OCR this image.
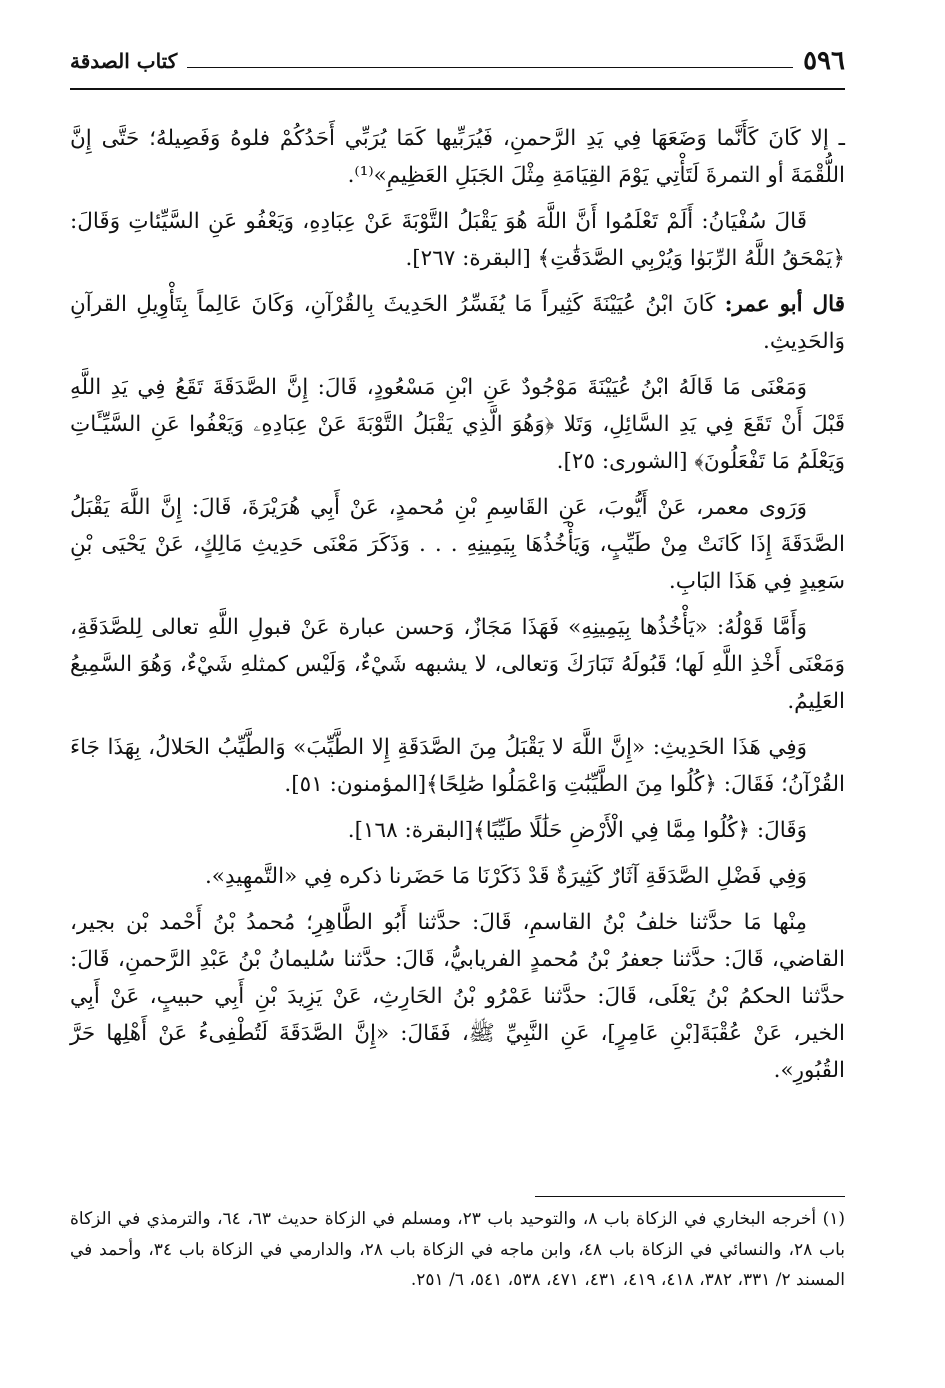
كتاب الصدقة	٥٩٦

ـ إلا كَانَ كَأَنَّما وَضَعَهَا فِي يَدِ الرَّحمنِ، فَيُرَبِّيها كَمَا يُرَبِّي أَحَدُكُمْ فلوهُ وَفَصِيلهُ؛ حَتَّى إِنَّ اللُّقْمَةَ أو التمرةَ لَتَأْتِي يَوْمَ القِيَامَةِ مِثْلَ الجَبَلِ العَظِيمِ»⁽¹⁾.

قَالَ سُفْيَانُ: أَلَمْ تَعْلَمُوا أَنَّ اللَّهَ هُوَ يَقْبَلُ التَّوْبَةَ عَنْ عِبَادِهِ، وَيَعْفُو عَنِ السَّيِّئاتِ وَقَالَ: ﴿يَمْحَقُ اللَّهُ الرِّبَوٰا وَيُرْبِي الصَّدَقَٰتِ﴾ [البقرة: ٢٦٧].

قال أبو عمر: كَانَ ابْنُ عُيَيْنَةَ كَثِيراً مَا يُفَسِّرُ الحَدِيثَ بِالقُرْآنِ، وَكَانَ عَالِماً بِتَأْوِيلِ القرآنِ وَالحَدِيثِ.

وَمَعْنَى مَا قَالَهُ ابْنُ عُيَيْنَةَ مَوْجُودٌ عَنِ ابْنِ مَسْعُودٍ، قَالَ: إِنَّ الصَّدَقَةَ تَقَعُ فِي يَدِ اللَّهِ قَبْلَ أَنْ تَقَعَ فِي يَدِ السَّائِلِ، وَتَلا ﴿وَهُوَ الَّذِي يَقْبَلُ التَّوْبَةَ عَنْ عِبَادِهِۦ وَيَعْفُوا عَنِ السَّيِّـَٔاتِ وَيَعْلَمُ مَا تَفْعَلُونَ﴾ [الشورى: ٢٥].

وَرَوى معمر، عَنْ أَيُّوبَ، عَنِ القَاسِمِ بْنِ مُحمدٍ، عَنْ أَبِي هُرَيْرَةَ، قَالَ: إِنَّ اللَّهَ يَقْبَلُ الصَّدَقَةَ إِذَا كَانَتْ مِنْ طَيِّبٍ، وَيَأْخُذُهَا بِيَمِينِهِ . . . وَذَكَرَ مَعْنَى حَدِيثِ مَالِكٍ، عَنْ يَحْيَى بْنِ سَعِيدٍ فِي هَذَا البَابِ.

وَأَمَّا قَوْلُهُ: «يَأْخُذُها بِيَمِينِهِ» فَهَذَا مَجَازٌ، وَحسن عبارة عَنْ قبولِ اللَّهِ تعالى لِلصَّدَقَةِ، وَمَعْنَى أَخْذِ اللَّهِ لَها؛ قَبُولَهُ تَبَارَكَ وَتعالى، لا يشبهه شَيْءٌ، وَلَيْس كمثلهِ شَيْءٌ، وَهُوَ السَّمِيعُ العَلِيمُ.

وَفِي هَذَا الحَدِيثِ: «إِنَّ اللَّهَ لا يَقْبَلُ مِنَ الصَّدَقَةِ إِلا الطَّيِّبَ» وَالطَّيِّبُ الحَلالُ، بِهَذَا جَاءَ القُرْآنُ؛ فَقَالَ: ﴿كُلُوا مِنَ الطَّيِّبَٰتِ وَاعْمَلُوا صَٰلِحًا﴾[المؤمنون: ٥١].

وَقَالَ: ﴿كُلُوا مِمَّا فِي الْأَرْضِ حَلَٰلًا طَيِّبًا﴾[البقرة: ١٦٨].

وَفِي فَضْلِ الصَّدَقَةِ آثَارٌ كَثِيرَةٌ قَدْ ذَكَرْنَا مَا حَضَرنا ذكره فِي «التَّمهِيدِ».

مِنْها مَا حدَّثنا خلفُ بْنُ القاسمِ، قَالَ: حدَّثنا أَبُو الطَّاهِرِ؛ مُحمدُ بْنُ أَحْمد بْن بجير، القاضي، قَالَ: حدَّثنا جعفرُ بْنُ مُحمدٍ الفريابيُّ، قَالَ: حدَّثنا سُليمانُ بْنُ عَبْدِ الرَّحمنِ، قَالَ: حدَّثنا الحكمُ بْنُ يَعْلَى، قَالَ: حدَّثنا عَمْرُو بْنُ الحَارِثِ، عَنْ يَزِيدَ بْنِ أَبِي حبيبٍ، عَنْ أَبِي الخير، عَنْ عُقْبَةَ[بْنِ عَامِرٍ]، عَنِ النَّبِيِّ ﷺ، فَقَالَ: «إِنَّ الصَّدَقَةَ لَتُطْفِىءُ عَنْ أَهْلِها حَرَّ القُبُورِ».

(١) أخرجه البخاري في الزكاة باب ٨، والتوحيد باب ٢٣، ومسلم في الزكاة حديث ٦٣، ٦٤، والترمذي في الزكاة باب ٢٨، والنسائي في الزكاة باب ٤٨، وابن ماجه في الزكاة باب ٢٨، والدارمي في الزكاة باب ٣٤، وأحمد في المسند ٢/ ٣٣١، ٣٨٢، ٤١٨، ٤١٩، ٤٣١، ٤٧١، ٥٣٨، ٥٤١، ٦/ ٢٥١.
